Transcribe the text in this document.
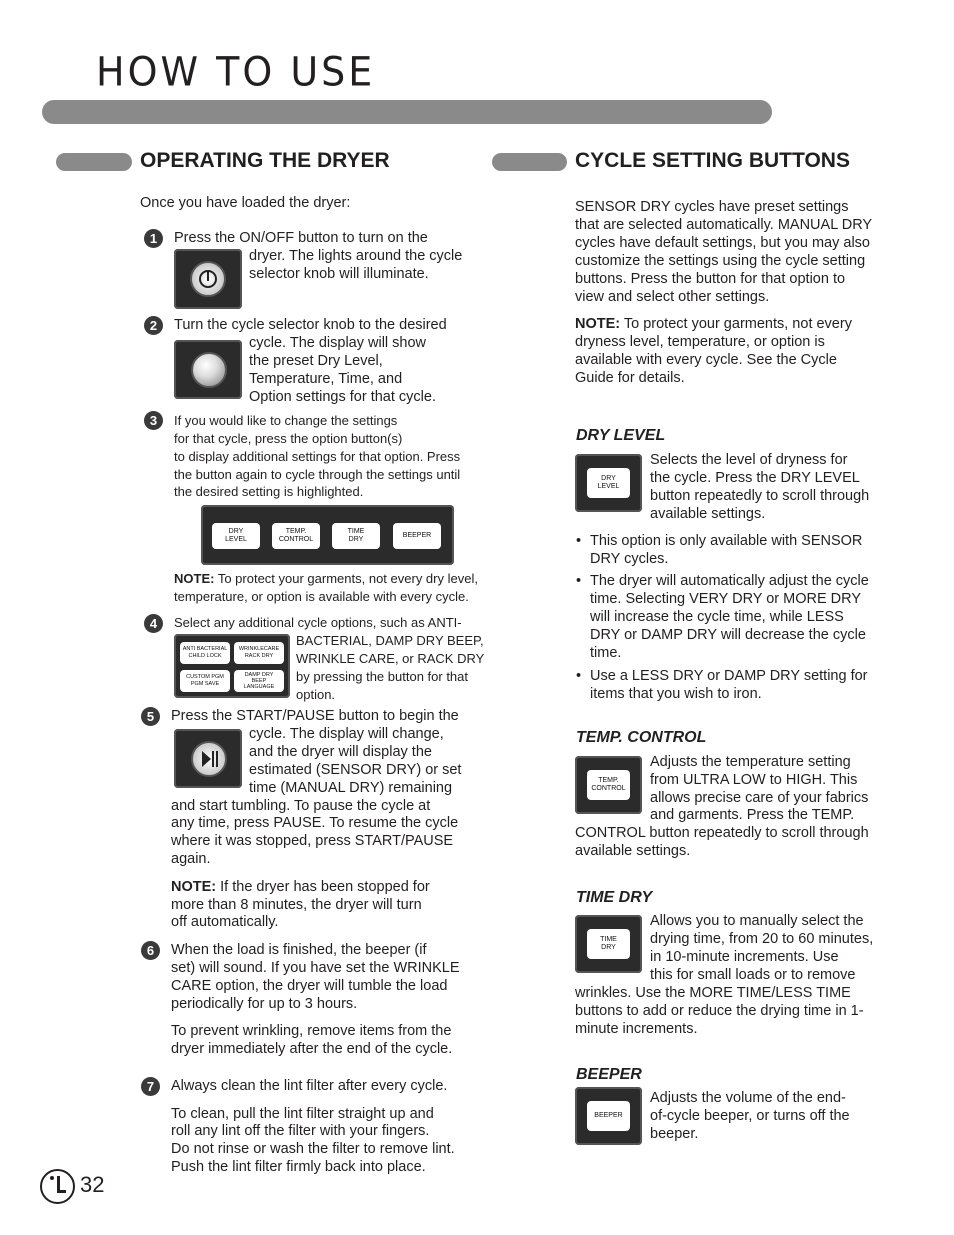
HOW TO USE
OPERATING THE DRYER
Once you have loaded the dryer:
1	Press the ON/OFF button to turn on the
dryer. The lights around the cycle
selector knob will illuminate.
2	Turn the cycle selector knob to the desired
cycle. The display will show
the preset Dry Level,
Temperature, Time, and
Option settings for that cycle.
3	If you would like to change the settings
for that cycle, press the option button(s)
to display additional settings for that option. Press
the button again to cycle through the settings until
the desired setting is highlighted.
DRY
LEVEL
TEMP.
CONTROL
TIME
DRY
BEEPER
NOTE: To protect your garments, not every dry level,
temperature, or option is available with every cycle.
4	Select any additional cycle options, such as ANTI-
BACTERIAL, DAMP DRY BEEP,
WRINKLE CARE, or RACK DRY
by pressing the button for that
option.
ANTI BACTERIAL
CHILD LOCK
WRINKLECARE
RACK DRY
CUSTOM PGM
PGM SAVE
DAMP DRY
BEEP
LANGUAGE
5	Press the START/PAUSE button to begin the
cycle. The display will change,
and the dryer will display the
estimated (SENSOR DRY) or set
time (MANUAL DRY) remaining
and start tumbling. To pause the cycle at
any time, press PAUSE. To resume the cycle
where it was stopped, press START/PAUSE
again.
NOTE: If the dryer has been stopped for
more than 8 minutes, the dryer will turn
off automatically.
6	When the load is finished, the beeper (if
set) will sound. If you have set the WRINKLE
CARE option, the dryer will tumble the load
periodically for up to 3 hours.
To prevent wrinkling, remove items from the
dryer immediately after the end of the cycle.
7	Always clean the lint filter after every cycle.
To clean, pull the lint filter straight up and
roll any lint off the filter with your fingers.
Do not rinse or wash the filter to remove lint.
Push the lint filter firmly back into place.
32
CYCLE SETTING BUTTONS
SENSOR DRY cycles have preset settings
that are selected automatically. MANUAL DRY
cycles have default settings, but you may also
customize the settings using the cycle setting
buttons. Press the button for that option to
view and select other settings.
NOTE: To protect your garments, not every
dryness level, temperature, or option is
available with every cycle. See the Cycle
Guide for details.
DRY LEVEL
DRY
LEVEL
Selects the level of dryness for
the cycle. Press the DRY LEVEL
button repeatedly to scroll through
available settings.
• This option is only available with SENSOR
DRY cycles.
• The dryer will automatically adjust the cycle
time. Selecting VERY DRY or MORE DRY
will increase the cycle time, while LESS
DRY or DAMP DRY will decrease the cycle
time.
• Use a LESS DRY or DAMP DRY setting for
items that you wish to iron.
TEMP. CONTROL
TEMP.
CONTROL
Adjusts the temperature setting
from ULTRA LOW to HIGH. This
allows precise care of your fabrics
and garments. Press the TEMP.
CONTROL button repeatedly to scroll through
available settings.
TIME DRY
TIME
DRY
Allows you to manually select the
drying time, from 20 to 60 minutes,
in 10-minute increments. Use
this for small loads or to remove
wrinkles. Use the MORE TIME/LESS TIME
buttons to add or reduce the drying time in 1-
minute increments.
BEEPER
BEEPER
Adjusts the volume of the end-
of-cycle beeper, or turns off the
beeper.
